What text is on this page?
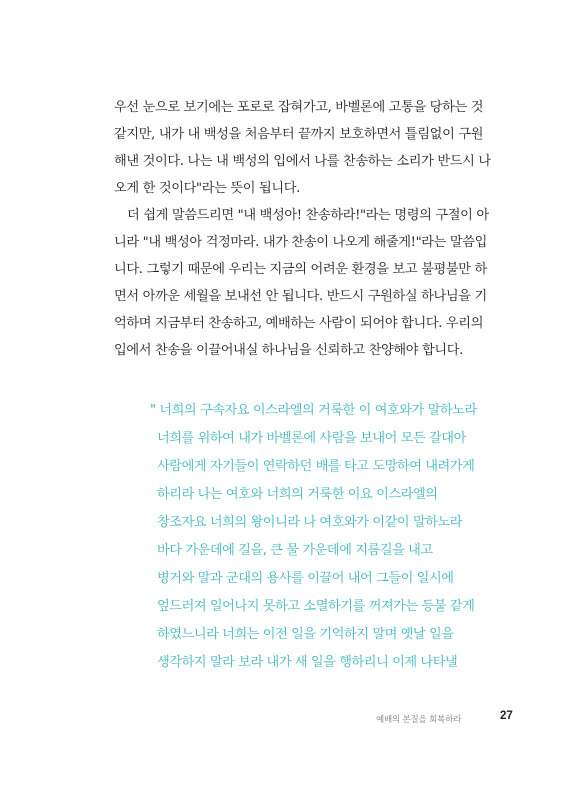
우선 눈으로 보기에는 포로로 잡혀가고, 바벨론에 고통을 당하는 것
같지만, 내가 내 백성을 처음부터 끝까지 보호하면서 틀림없이 구원
해낸 것이다. 나는 내 백성의 입에서 나를 찬송하는 소리가 반드시 나
오게 한 것이다"라는 뜻이 됩니다.
더 쉽게 말씀드리면 "내 백성아! 찬송하라!"라는 명령의 구절이 아
니라 "내 백성아 걱정마라. 내가 찬송이 나오게 해줄게!"라는 말씀입
니다. 그렇기 때문에 우리는 지금의 어려운 환경을 보고 불평불만 하
면서 아까운 세월을 보내선 안 됩니다. 반드시 구원하실 하나님을 기
억하며 지금부터 찬송하고, 예배하는 사람이 되어야 합니다. 우리의
입에서 찬송을 이끌어내실 하나님을 신뢰하고 찬양해야 합니다.
" 너희의 구속자요 이스라엘의 거룩한 이 여호와가 말하노라
너희를 위하여 내가 바벨론에 사람을 보내어 모든 갈대아
사람에게 자기들이 연락하던 배를 타고 도망하여 내려가게
하리라 나는 여호와 너희의 거룩한 이요 이스라엘의
창조자요 너희의 왕이니라 나 여호와가 이같이 말하노라
바다 가운데에 길을, 큰 물 가운데에 지름길을 내고
병거와 말과 군대의 용사를 이끌어 내어 그들이 일시에
엎드러져 일어나지 못하고 소멸하기를 꺼져가는 등불 같게
하였느니라 너희는 이전 일을 기억하지 말며 옛날 일을
생각하지 말라 보라 내가 새 일을 행하리니 이제 나타낼
예배의 본질을 회복하라	27
